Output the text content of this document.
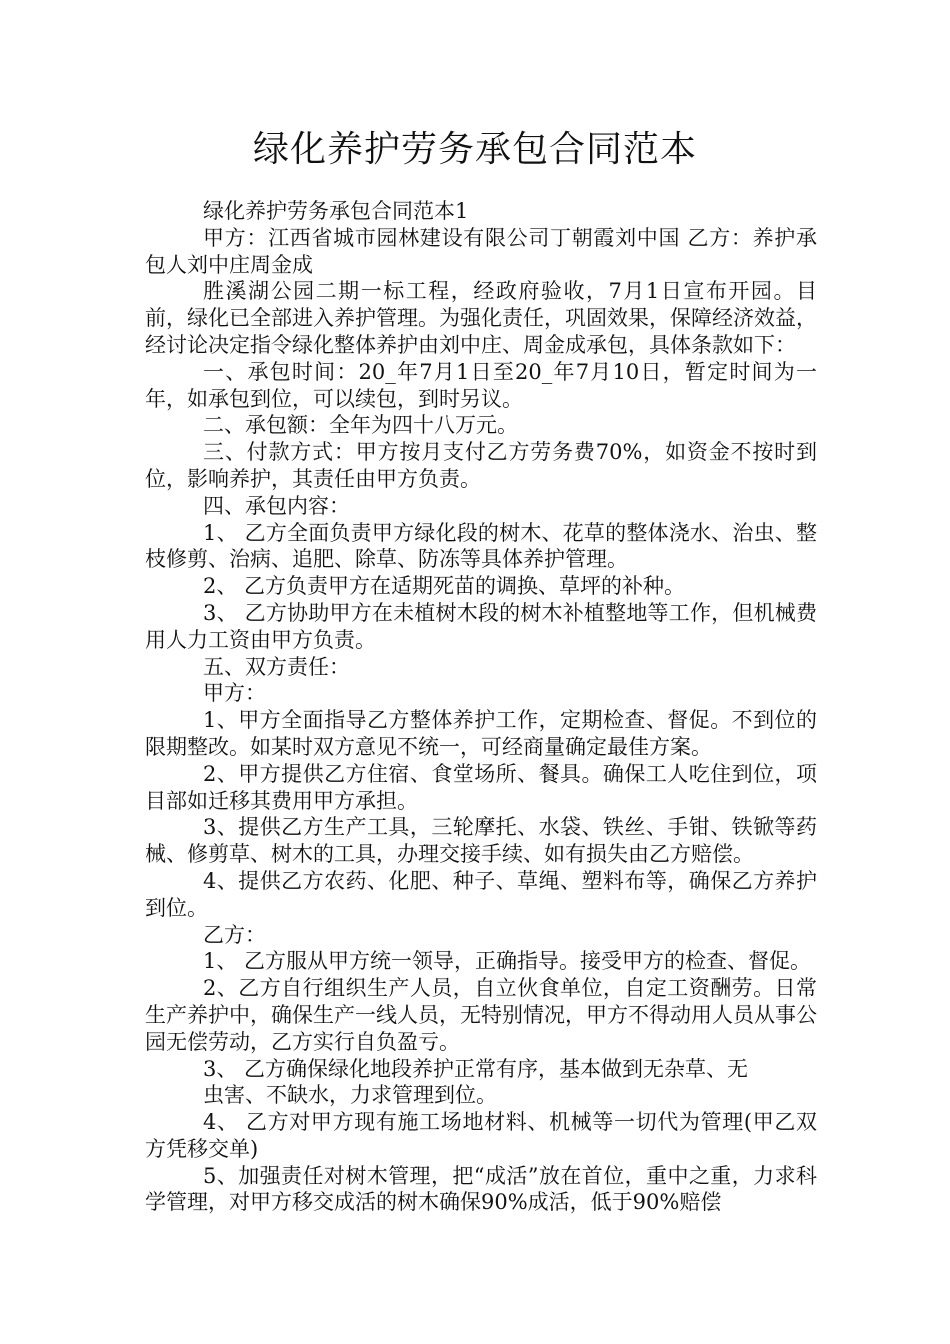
绿化养护劳务承包合同范本

绿化养护劳务承包合同范本1

甲方：江西省城市园林建设有限公司丁朝霞刘中国 乙方：养护承包人刘中庄周金成

胜溪湖公园二期一标工程，经政府验收，7月1日宣布开园。目前，绿化已全部进入养护管理。为强化责任，巩固效果，保障经济效益，经讨论决定指令绿化整体养护由刘中庄、周金成承包，具体条款如下：

一、承包时间：20_年7月1日至20_年7月10日，暂定时间为一年，如承包到位，可以续包，到时另议。

二、承包额：全年为四十八万元。

三、付款方式：甲方按月支付乙方劳务费70%，如资金不按时到位，影响养护，其责任由甲方负责。

四、承包内容：

1、 乙方全面负责甲方绿化段的树木、花草的整体浇水、治虫、整枝修剪、治病、追肥、除草、防冻等具体养护管理。

2、 乙方负责甲方在适期死苗的调换、草坪的补种。

3、 乙方协助甲方在未植树木段的树木补植整地等工作，但机械费用人力工资由甲方负责。

五、双方责任：

甲方：

1、甲方全面指导乙方整体养护工作，定期检查、督促。不到位的限期整改。如某时双方意见不统一，可经商量确定最佳方案。

2、甲方提供乙方住宿、食堂场所、餐具。确保工人吃住到位，项目部如迁移其费用甲方承担。

3、提供乙方生产工具，三轮摩托、水袋、铁丝、手钳、铁锨等药械、修剪草、树木的工具，办理交接手续、如有损失由乙方赔偿。

4、提供乙方农药、化肥、种子、草绳、塑料布等，确保乙方养护到位。

乙方：

1、 乙方服从甲方统一领导，正确指导。接受甲方的检查、督促。

2、乙方自行组织生产人员，自立伙食单位，自定工资酬劳。日常生产养护中，确保生产一线人员，无特别情况，甲方不得动用人员从事公园无偿劳动，乙方实行自负盈亏。

3、 乙方确保绿化地段养护正常有序，基本做到无杂草、无

虫害、不缺水，力求管理到位。

4、 乙方对甲方现有施工场地材料、机械等一切代为管理(甲乙双方凭移交单)

5、加强责任对树木管理，把“成活”放在首位，重中之重，力求科学管理，对甲方移交成活的树木确保90%成活，低于90%赔偿
